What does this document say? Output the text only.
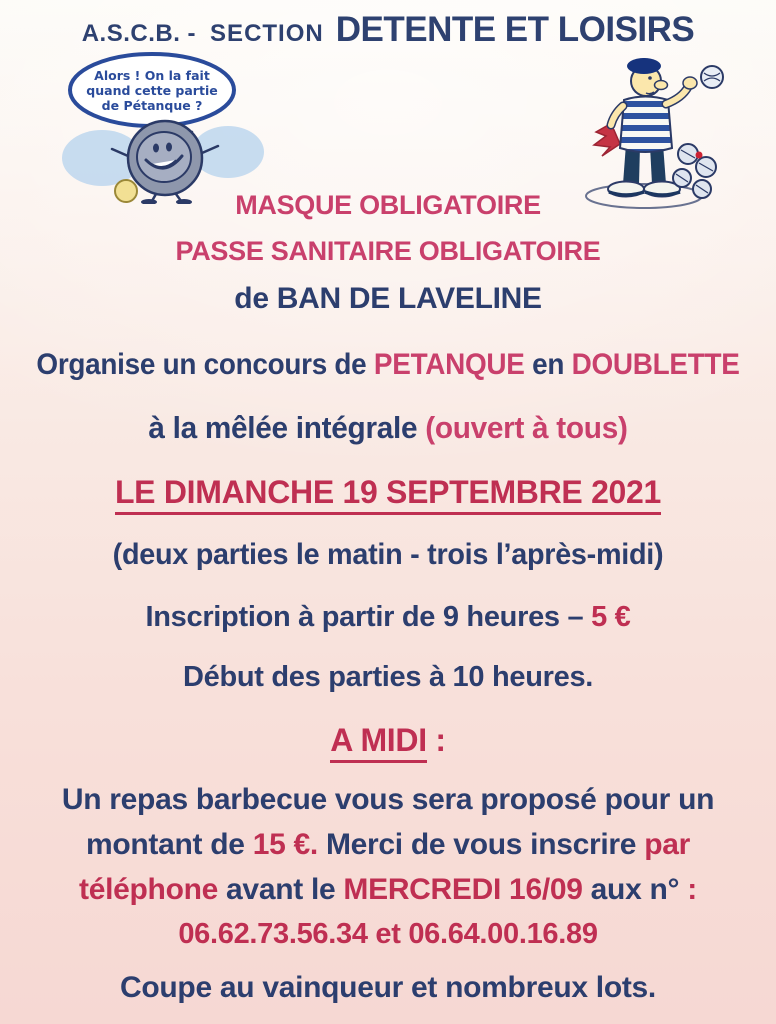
A.S.C.B. - SECTION DETENTE ET LOISIRS
Alors ! On la fait
quand cette partie
de Pétanque ?
MASQUE OBLIGATOIRE
PASSE SANITAIRE OBLIGATOIRE
de BAN DE LAVELINE
Organise un concours de PETANQUE en DOUBLETTE
à la mêlée intégrale (ouvert à tous)
LE DIMANCHE 19 SEPTEMBRE 2021
(deux parties le matin - trois l’après-midi)
Inscription à partir de 9 heures – 5 €
Début des parties à 10 heures.
A MIDI :
Un repas barbecue vous sera proposé pour un
montant de 15 €. Merci de vous inscrire par
téléphone avant le MERCREDI 16/09 aux n° :
06.62.73.56.34 et 06.64.00.16.89
Coupe au vainqueur et nombreux lots.
